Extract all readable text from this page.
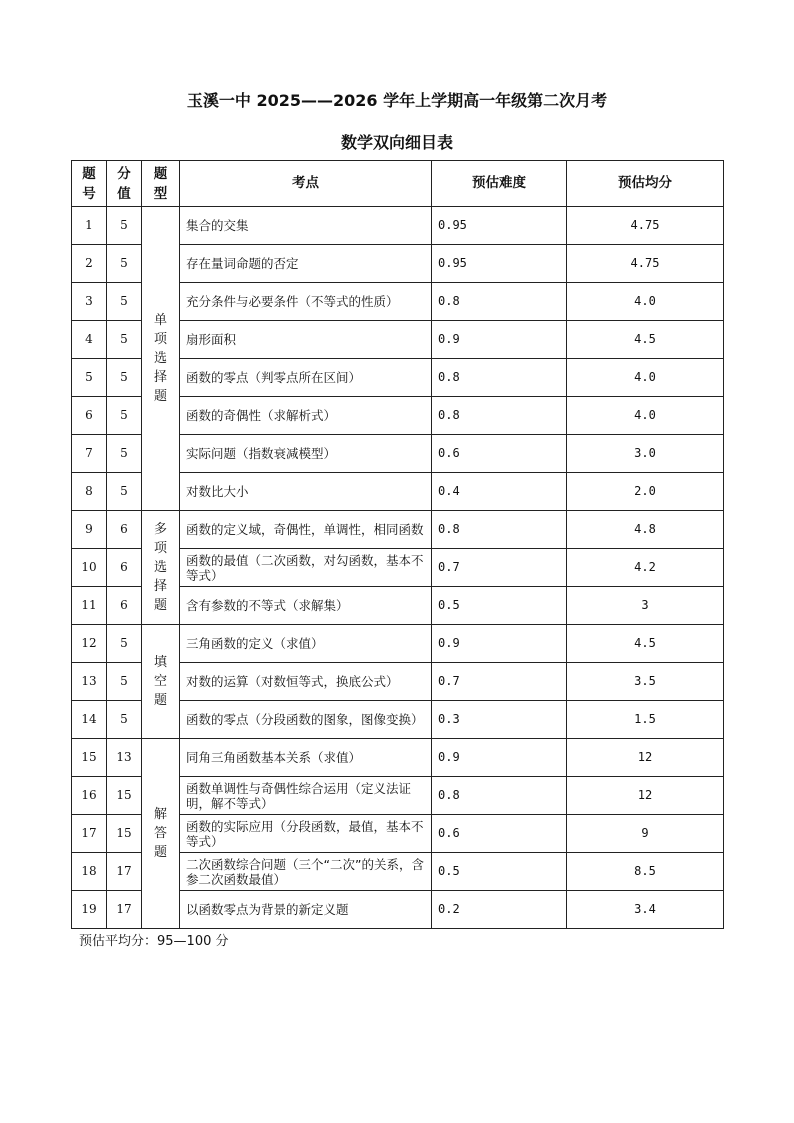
玉溪一中 2025——2026 学年上学期高一年级第二次月考
数学双向细目表
题号	分值	题型	考点	预估难度	预估均分
1	5	单项选择题	集合的交集	0.95	4.75
2	5		存在量词命题的否定	0.95	4.75
3	5		充分条件与必要条件（不等式的性质）	0.8	4.0
4	5		扇形面积	0.9	4.5
5	5		函数的零点（判零点所在区间）	0.8	4.0
6	5		函数的奇偶性（求解析式）	0.8	4.0
7	5		实际问题（指数衰减模型）	0.6	3.0
8	5		对数比大小	0.4	2.0
9	6	多项选择题	函数的定义域，奇偶性，单调性，相同函数	0.8	4.8
10	6		函数的最值（二次函数，对勾函数，基本不等式）	0.7	4.2
11	6		含有参数的不等式（求解集）	0.5	3
12	5	填空题	三角函数的定义（求值）	0.9	4.5
13	5		对数的运算（对数恒等式，换底公式）	0.7	3.5
14	5		函数的零点（分段函数的图象，图像变换）	0.3	1.5
15	13	解答题	同角三角函数基本关系（求值）	0.9	12
16	15		函数单调性与奇偶性综合运用（定义法证明，解不等式）	0.8	12
17	15		函数的实际应用（分段函数，最值，基本不等式）	0.6	9
18	17		二次函数综合问题（三个“二次”的关系，含参二次函数最值）	0.5	8.5
19	17		以函数零点为背景的新定义题	0.2	3.4
预估平均分：95—100 分
